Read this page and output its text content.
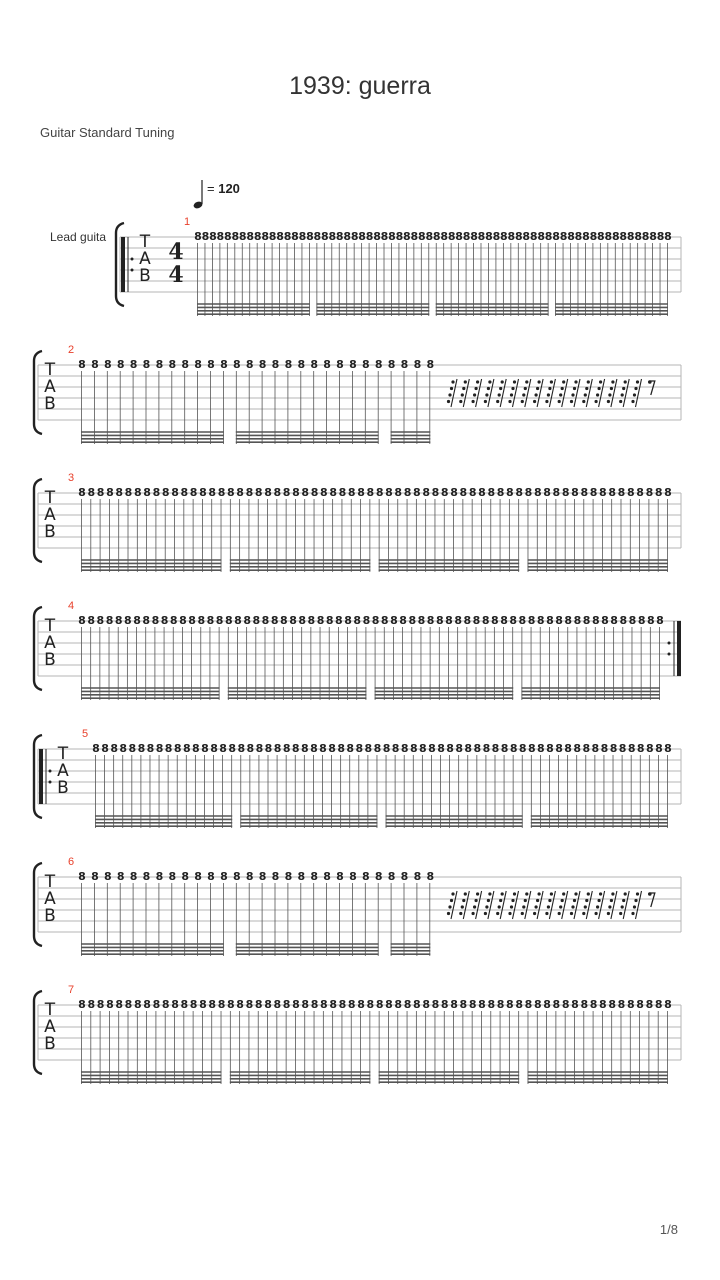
1939: guerra
Guitar Standard Tuning
= 120
Lead guita T
A
B
4
4
1
8 8 8 8 8 8 8 8 8 8 8 8 8 8 8 8 8 8 8 8 8 8 8 8 8 8 8 8 8 8 8 8 8 8 8 8 8 8 8 8 8 8 8 8 8 8 8 8 8 8 8 8 8 8 8 8 8 8 8 8 8 8 8 8
T
A
B
2
8 8 8 8 8 8 8 8 8 8 8 8 8 8 8 8 8 8 8 8 8 8 8 8 8 8 8 8
T
A
B
3
8 8 8 8 8 8 8 8 8 8 8 8 8 8 8 8 8 8 8 8 8 8 8 8 8 8 8 8 8 8 8 8 8 8 8 8 8 8 8 8 8 8 8 8 8 8 8 8 8 8 8 8 8 8 8 8 8 8 8 8 8 8 8 8
T
A
B
4
8 8 8 8 8 8 8 8 8 8 8 8 8 8 8 8 8 8 8 8 8 8 8 8 8 8 8 8 8 8 8 8 8 8 8 8 8 8 8 8 8 8 8 8 8 8 8 8 8 8 8 8 8 8 8 8 8 8 8 8 8 8 8 8
T
A
B
5
8 8 8 8 8 8 8 8 8 8 8 8 8 8 8 8 8 8 8 8 8 8 8 8 8 8 8 8 8 8 8 8 8 8 8 8 8 8 8 8 8 8 8 8 8 8 8 8 8 8 8 8 8 8 8 8 8 8 8 8 8 8 8 8
T
A
B
6
8 8 8 8 8 8 8 8 8 8 8 8 8 8 8 8 8 8 8 8 8 8 8 8 8 8 8 8
T
A
B
7
8 8 8 8 8 8 8 8 8 8 8 8 8 8 8 8 8 8 8 8 8 8 8 8 8 8 8 8 8 8 8 8 8 8 8 8 8 8 8 8 8 8 8 8 8 8 8 8 8 8 8 8 8 8 8 8 8 8 8 8 8 8 8 8
1/8
